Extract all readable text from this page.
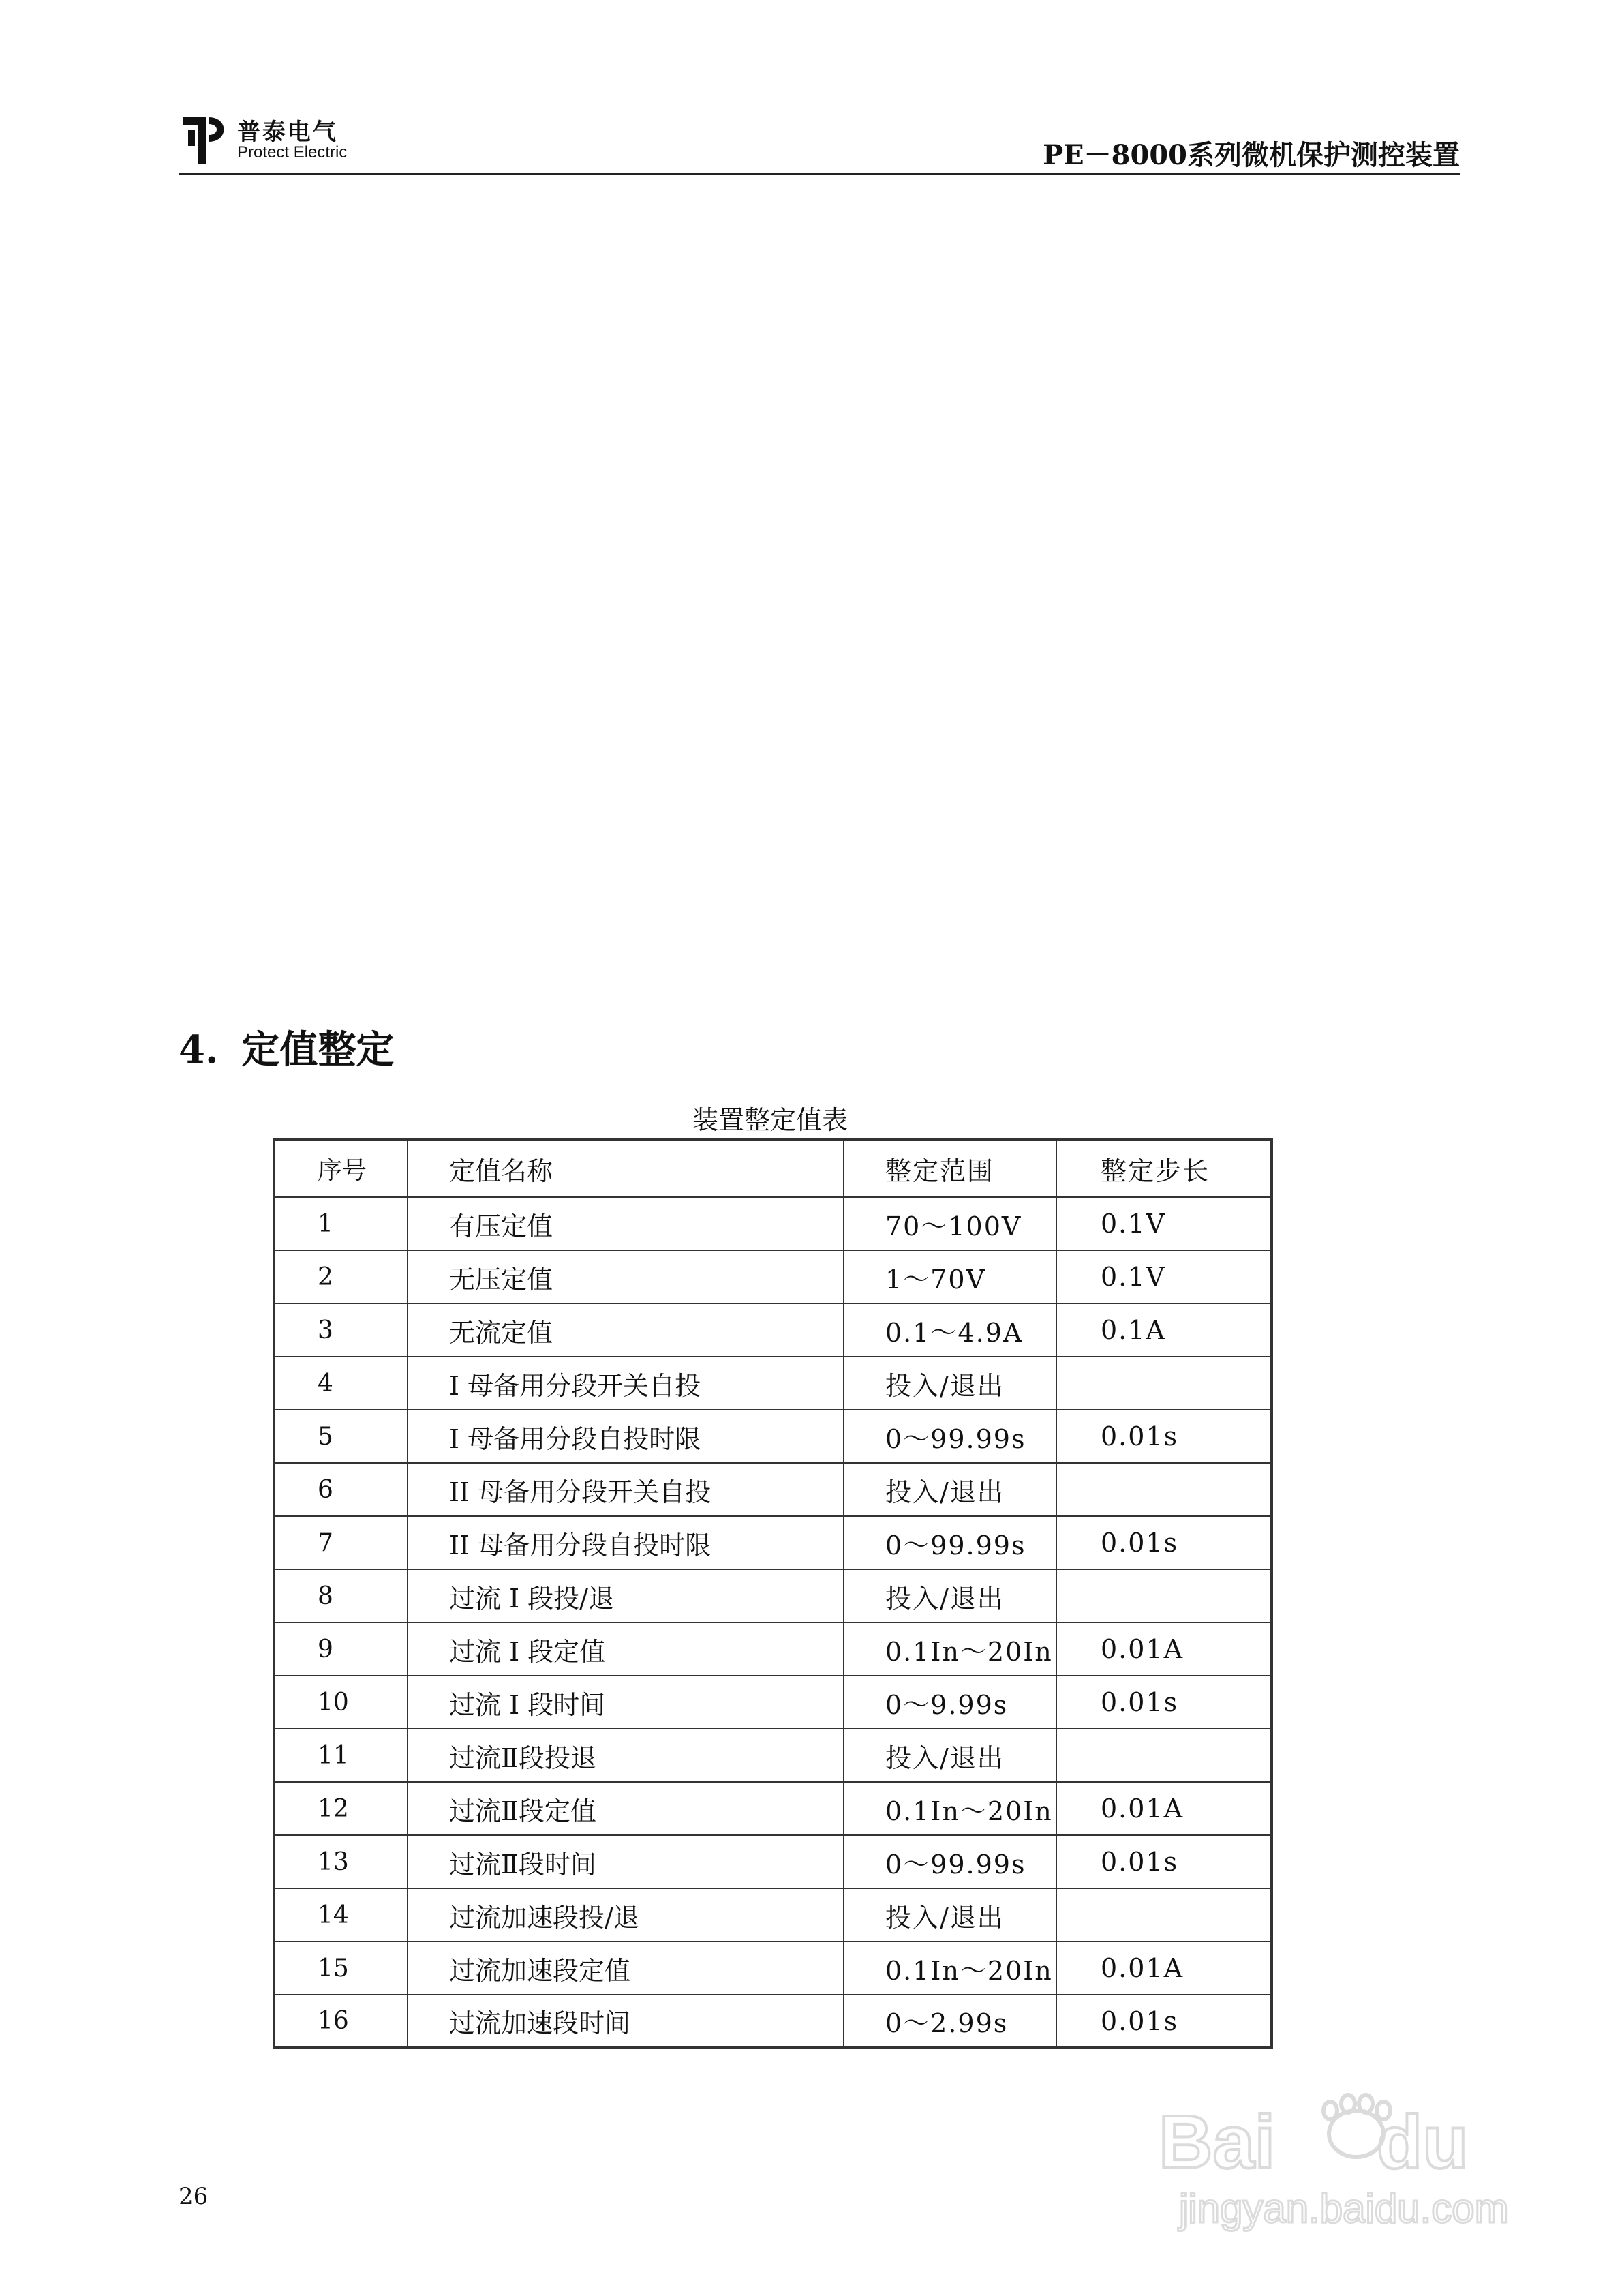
普泰电气
Protect Electric	PE－8000系列微机保护测控装置
4. 定值整定
装置整定值表
序号	定值名称	整定范围	整定步长
1	有压定值	70～100V	0.1V
2	无压定值	1～70V	0.1V
3	无流定值	0.1～4.9A	0.1A
4	I 母备用分段开关自投	投入/退出	
5	I 母备用分段自投时限	0～99.99s	0.01s
6	II 母备用分段开关自投	投入/退出	
7	II 母备用分段自投时限	0～99.99s	0.01s
8	过流 I 段投/退	投入/退出	
9	过流 I 段定值	0.1In～20In	0.01A
10	过流 I 段时间	0～9.99s	0.01s
11	过流Ⅱ段投退	投入/退出	
12	过流Ⅱ段定值	0.1In～20In	0.01A
13	过流Ⅱ段时间	0～99.99s	0.01s
14	过流加速段投/退	投入/退出	
15	过流加速段定值	0.1In～20In	0.01A
16	过流加速段时间	0～2.99s	0.01s
26
Bai du
jingyan.baidu.com
